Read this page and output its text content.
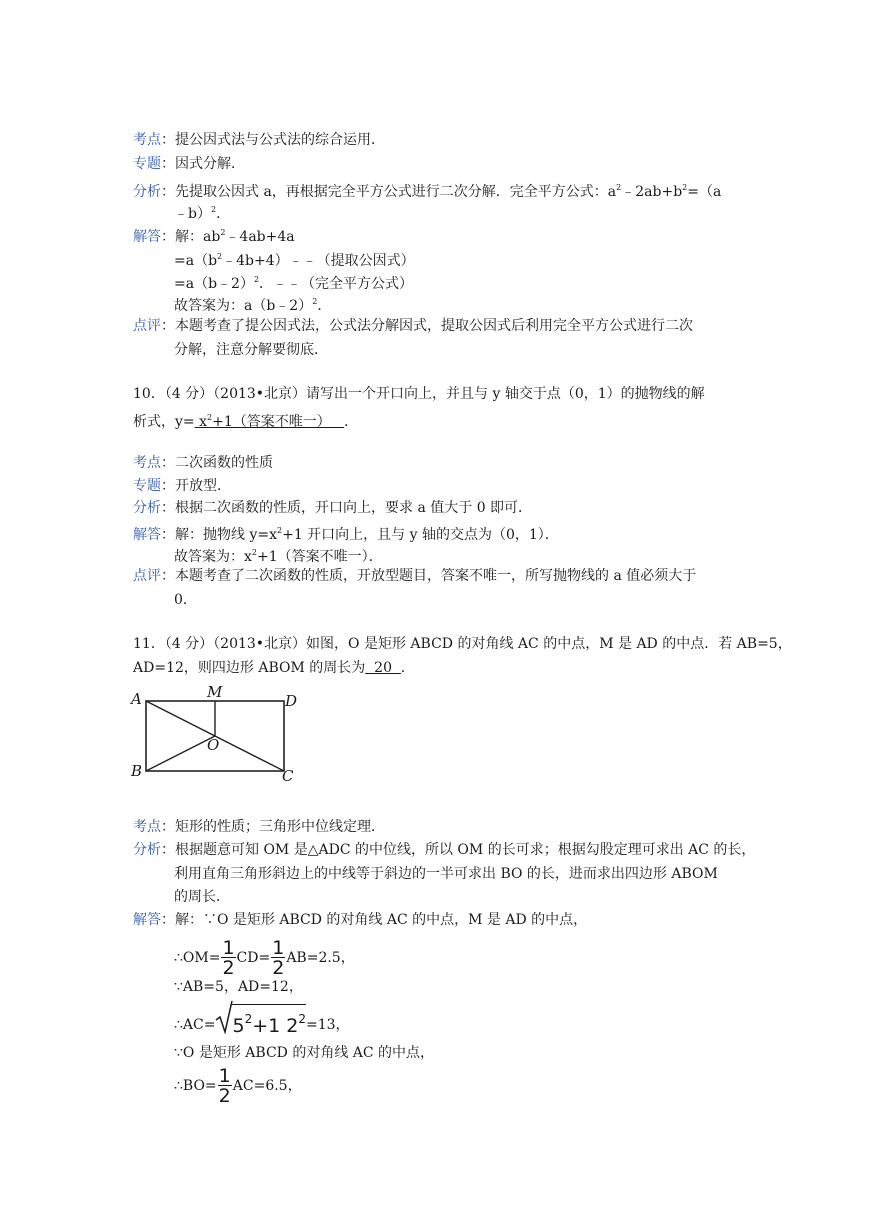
考点：提公因式法与公式法的综合运用．
专题：因式分解．
分析：先提取公因式 a，再根据完全平方公式进行二次分解．完全平方公式：$a^2﹣2ab+b^2=(a$
﹣b）$^2$．
解答：解：$ab^2﹣4ab+4a$
$=a(b^2﹣4b+4)﹣﹣$（提取公因式）
=a（b﹣2）$^2$．﹣﹣（完全平方公式）
故答案为：a（b﹣2）$^2$．
点评：本题考查了提公因式法，公式法分解因式，提取公因式后利用完全平方公式进行二次
分解，注意分解要彻底．
10．（4 分）（2013•北京）请写出一个开口向上，并且与 y 轴交于点（0，1）的抛物线的解
析式，$y= x^2+1$（答案不唯一）   ．
考点：二次函数的性质
专题：开放型．
分析：根据二次函数的性质，开口向上，要求 a 值大于 0 即可．
解答：解：抛物线 $y=x^2+1$ 开口向上，且与 y 轴的交点为（0，1）．
故答案为：$x^2+1$（答案不唯一）．
点评：本题考查了二次函数的性质，开放型题目，答案不唯一，所写抛物线的 a 值必须大于
0．
11．（4 分）（2013•北京）如图，O 是矩形 ABCD 的对角线 AC 的中点，M 是 AD 的中点．若 AB=5，
AD=12，则四边形 ABOM 的周长为  20  ．
A	M	D
O
B	C
考点：矩形的性质；三角形中位线定理．
分析：根据题意可知 OM 是△ADC 的中位线，所以 OM 的长可求；根据勾股定理可求出 AC 的长，
利用直角三角形斜边上的中线等于斜边的一半可求出 BO 的长，进而求出四边形 ABOM
的周长．
解答：解：∵O 是矩形 ABCD 的对角线 AC 的中点，M 是 AD 的中点，
∴OM= $\frac{1}{2} CD= \frac{1}{2} AB=2.5$，
∵AB=5，AD=12，
∴AC= $5^2+1$ $2^2=13$，
∵O 是矩形 ABCD 的对角线 AC 的中点，
∴BO= $\frac{1}{2} AC=6.5$，
